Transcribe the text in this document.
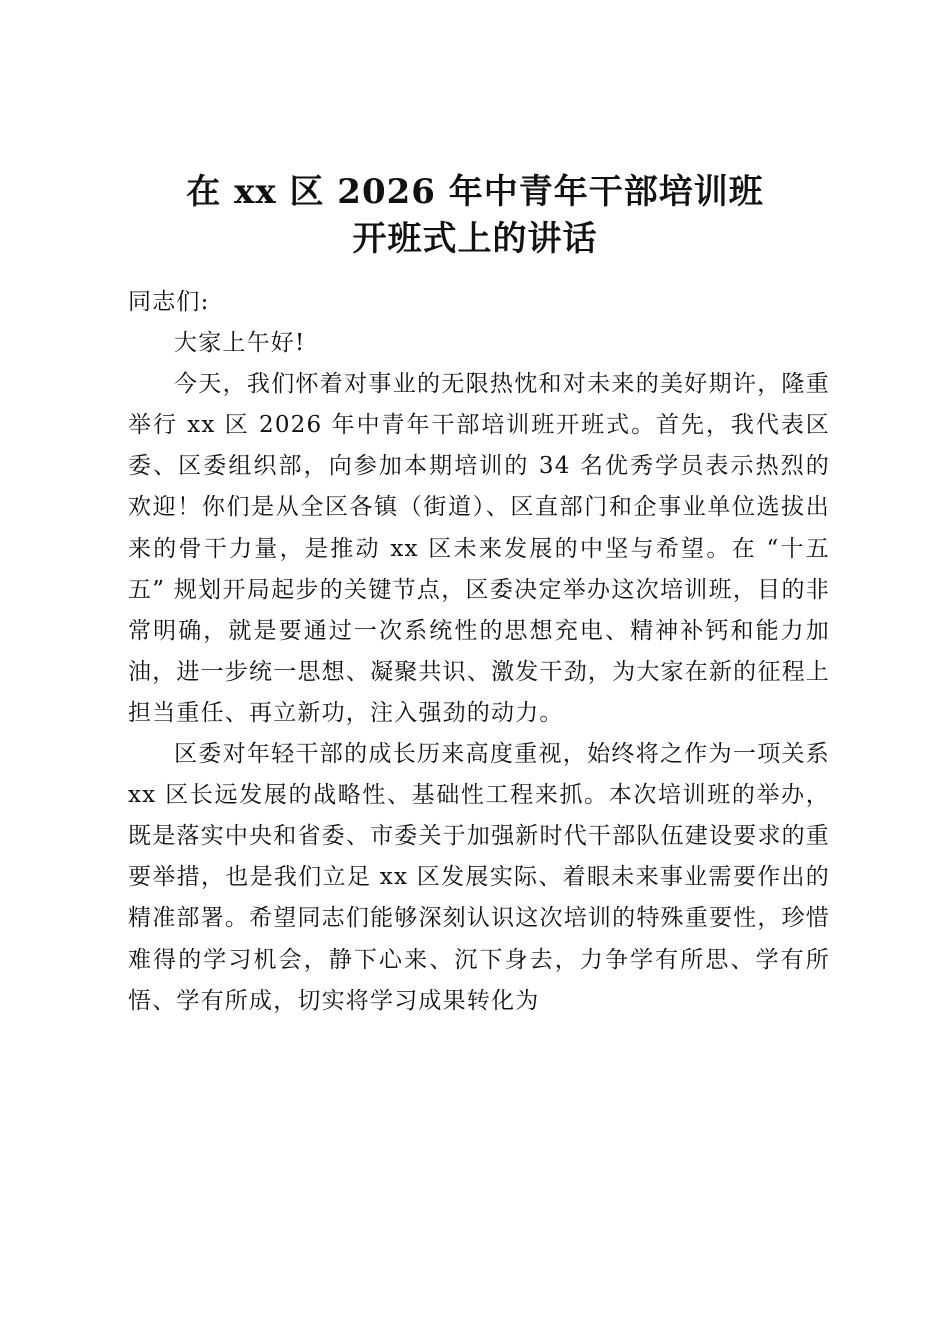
在 xx 区 2026 年中青年干部培训班
开班式上的讲话

同志们:

大家上午好!

今天，我们怀着对事业的无限热忱和对未来的美好期许，隆重举行 xx 区 2026 年中青年干部培训班开班式。首先，我代表区委、区委组织部，向参加本期培训的 34 名优秀学员表示热烈的欢迎！你们是从全区各镇（街道）、区直部门和企事业单位选拔出来的骨干力量，是推动 xx 区未来发展的中坚与希望。在 “十五五” 规划开局起步的关键节点，区委决定举办这次培训班，目的非常明确，就是要通过一次系统性的思想充电、精神补钙和能力加油，进一步统一思想、凝聚共识、激发干劲，为大家在新的征程上担当重任、再立新功，注入强劲的动力。

区委对年轻干部的成长历来高度重视，始终将之作为一项关系 xx 区长远发展的战略性、基础性工程来抓。本次培训班的举办，既是落实中央和省委、市委关于加强新时代干部队伍建设要求的重要举措，也是我们立足 xx 区发展实际、着眼未来事业需要作出的精准部署。希望同志们能够深刻认识这次培训的特殊重要性，珍惜难得的学习机会，静下心来、沉下身去，力争学有所思、学有所悟、学有所成，切实将学习成果转化为
